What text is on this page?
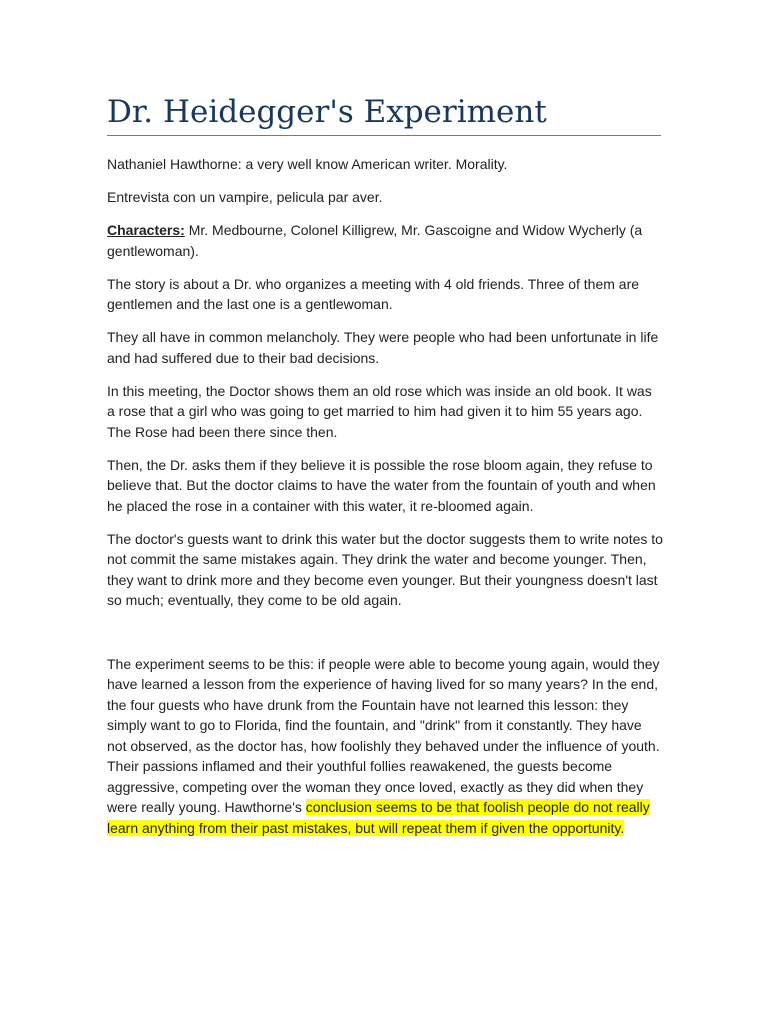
Dr. Heidegger's Experiment

Nathaniel Hawthorne: a very well know American writer. Morality.

Entrevista con un vampire, pelicula par aver.

Characters: Mr. Medbourne, Colonel Killigrew, Mr. Gascoigne and Widow Wycherly (a gentlewoman).

The story is about a Dr. who organizes a meeting with 4 old friends. Three of them are gentlemen and the last one is a gentlewoman.

They all have in common melancholy. They were people who had been unfortunate in life and had suffered due to their bad decisions.

In this meeting, the Doctor shows them an old rose which was inside an old book. It was a rose that a girl who was going to get married to him had given it to him 55 years ago. The Rose had been there since then.

Then, the Dr. asks them if they believe it is possible the rose bloom again, they refuse to believe that. But the doctor claims to have the water from the fountain of youth and when he placed the rose in a container with this water, it re-bloomed again.

The doctor's guests want to drink this water but the doctor suggests them to write notes to not commit the same mistakes again. They drink the water and become younger. Then, they want to drink more and they become even younger. But their youngness doesn't last so much; eventually, they come to be old again.

The experiment seems to be this: if people were able to become young again, would they have learned a lesson from the experience of having lived for so many years? In the end, the four guests who have drunk from the Fountain have not learned this lesson: they simply want to go to Florida, find the fountain, and "drink" from it constantly. They have not observed, as the doctor has, how foolishly they behaved under the influence of youth. Their passions inflamed and their youthful follies reawakened, the guests become aggressive, competing over the woman they once loved, exactly as they did when they were really young. Hawthorne's conclusion seems to be that foolish people do not really learn anything from their past mistakes, but will repeat them if given the opportunity.
